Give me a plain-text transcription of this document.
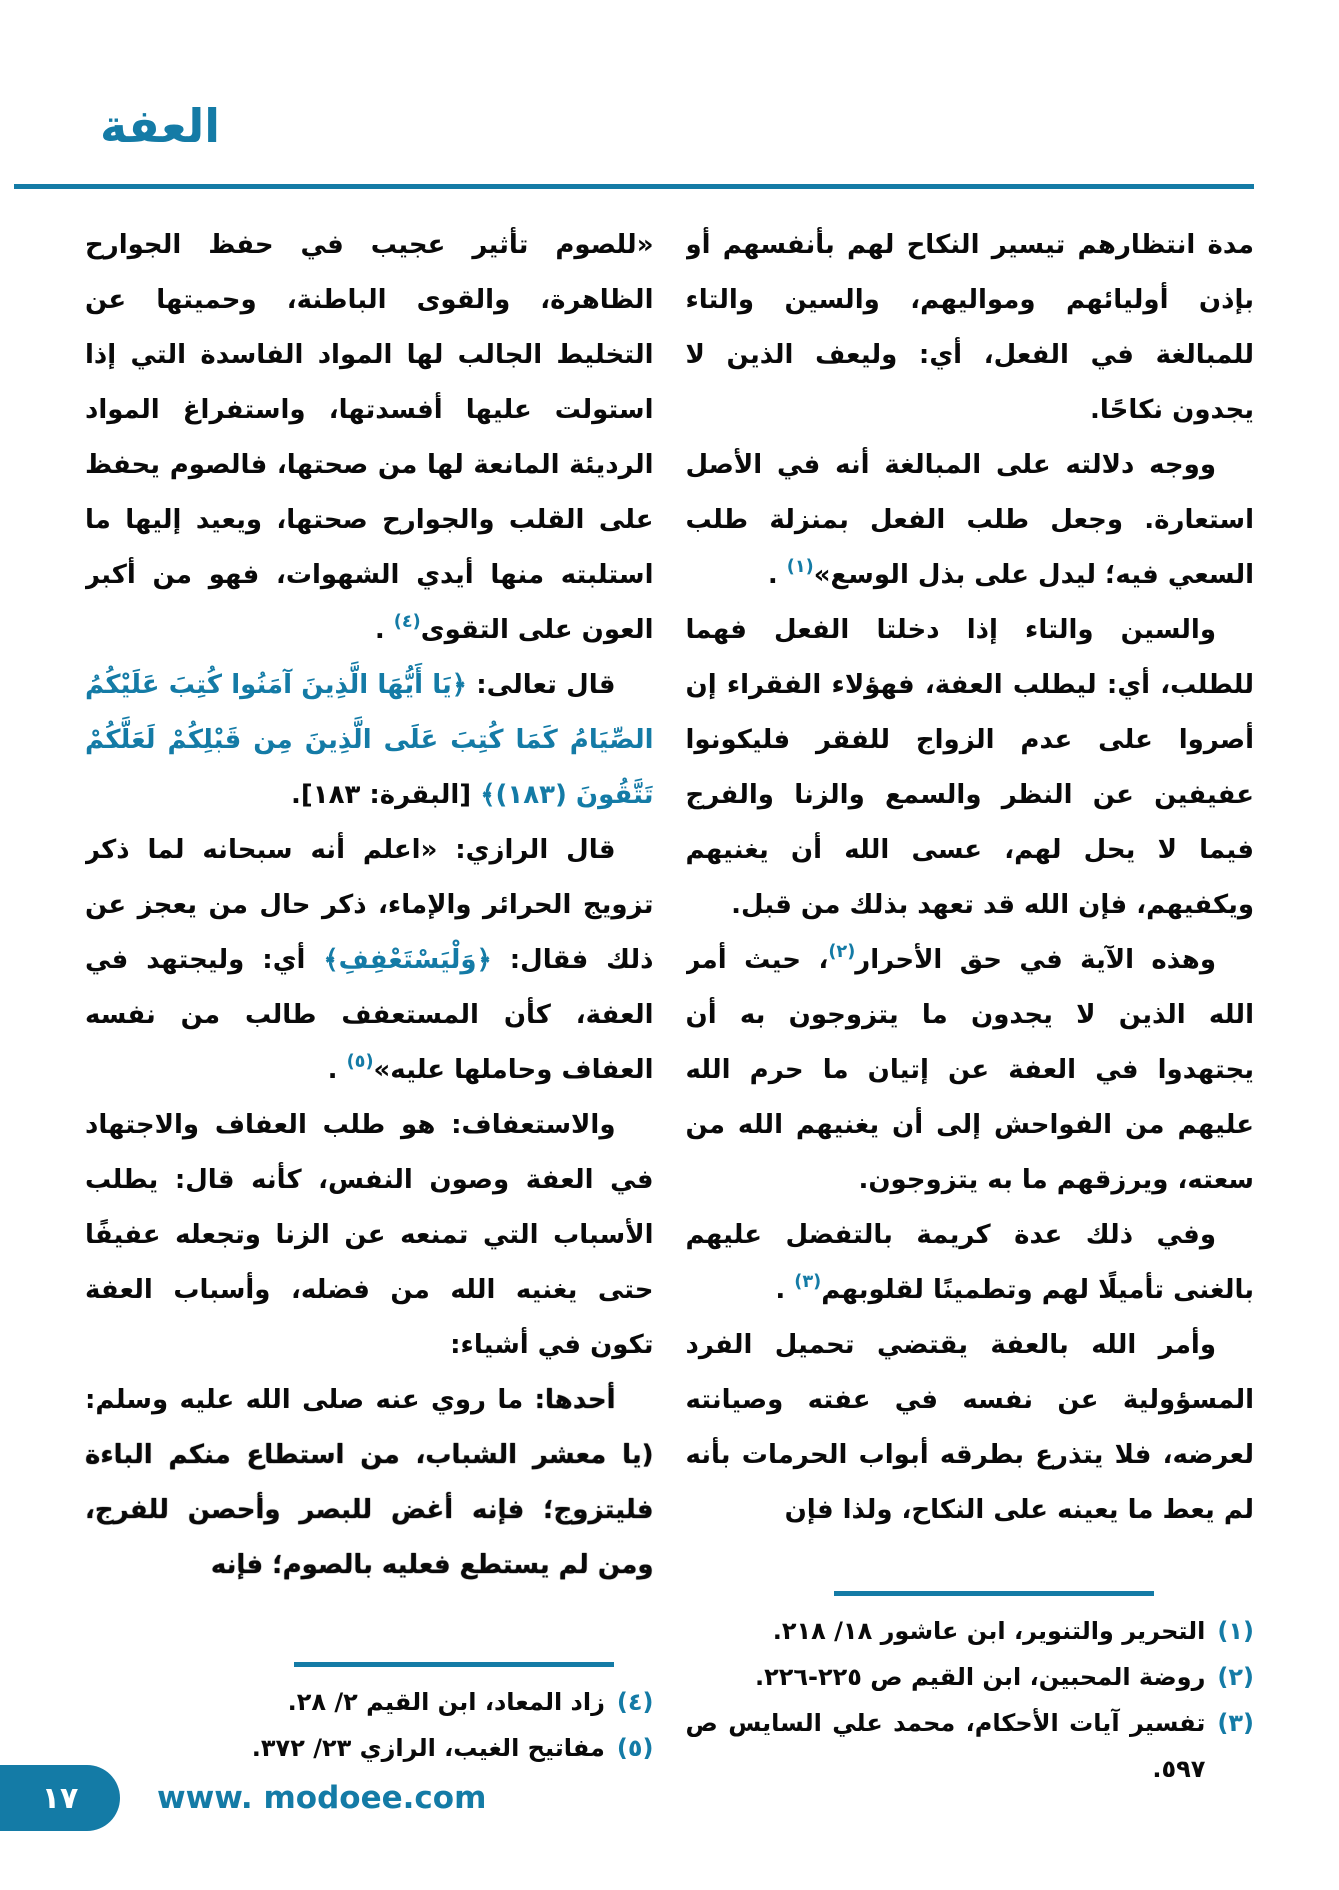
العفة

مدة انتظارهم تيسير النكاح لهم بأنفسهم أو بإذن أوليائهم ومواليهم، والسين والتاء للمبالغة في الفعل، أي: وليعف الذين لا يجدون نكاحًا.

ووجه دلالته على المبالغة أنه في الأصل استعارة. وجعل طلب الفعل بمنزلة طلب السعي فيه؛ ليدل على بذل الوسع»$^{(١)}$ .

والسين والتاء إذا دخلتا الفعل فهما للطلب، أي: ليطلب العفة، فهؤلاء الفقراء إن أصروا على عدم الزواج للفقر فليكونوا عفيفين عن النظر والسمع والزنا والفرج فيما لا يحل لهم، عسى الله أن يغنيهم ويكفيهم، فإن الله قد تعهد بذلك من قبل.

وهذه الآية في حق الأحرار$^{(٢)}$، حيث أمر الله الذين لا يجدون ما يتزوجون به أن يجتهدوا في العفة عن إتيان ما حرم الله عليهم من الفواحش إلى أن يغنيهم الله من سعته، ويرزقهم ما به يتزوجون.

وفي ذلك عدة كريمة بالتفضل عليهم بالغنى تأميلًا لهم وتطمينًا لقلوبهم$^{(٣)}$ .

وأمر الله بالعفة يقتضي تحميل الفرد المسؤولية عن نفسه في عفته وصيانته لعرضه، فلا يتذرع بطرقه أبواب الحرمات بأنه لم يعط ما يعينه على النكاح، ولذا فإن

(١)
التحرير والتنوير، ابن عاشور ١٨/ ٢١٨.
(٢)
روضة المحبين، ابن القيم ص ٢٢٥-٢٢٦.
(٣)
تفسير آيات الأحكام، محمد علي السايس ص ٥٩٧.

«للصوم تأثير عجيب في حفظ الجوارح الظاهرة، والقوى الباطنة، وحميتها عن التخليط الجالب لها المواد الفاسدة التي إذا استولت عليها أفسدتها، واستفراغ المواد الرديئة المانعة لها من صحتها، فالصوم يحفظ على القلب والجوارح صحتها، ويعيد إليها ما استلبته منها أيدي الشهوات، فهو من أكبر العون على التقوى$^{(٤)}$ .

قال تعالى: ﴿يَا أَيُّهَا الَّذِينَ آمَنُوا كُتِبَ عَلَيْكُمُ الصِّيَامُ كَمَا كُتِبَ عَلَى الَّذِينَ مِن قَبْلِكُمْ لَعَلَّكُمْ تَتَّقُونَ (١٨٣)﴾ [البقرة: ١٨٣].

قال الرازي: «اعلم أنه سبحانه لما ذكر تزويج الحرائر والإماء، ذكر حال من يعجز عن ذلك فقال: ﴿وَلْيَسْتَعْفِفِ﴾ أي: وليجتهد في العفة، كأن المستعفف طالب من نفسه العفاف وحاملها عليه»$^{(٥)}$ .

والاستعفاف: هو طلب العفاف والاجتهاد في العفة وصون النفس، كأنه قال: يطلب الأسباب التي تمنعه عن الزنا وتجعله عفيفًا حتى يغنيه الله من فضله، وأسباب العفة تكون في أشياء:

أحدها: ما روي عنه صلى الله عليه وسلم: (يا معشر الشباب، من استطاع منكم الباءة فليتزوج؛ فإنه أغض للبصر وأحصن للفرج، ومن لم يستطع فعليه بالصوم؛ فإنه

(٤)
زاد المعاد، ابن القيم ٢/ ٢٨.
(٥)
مفاتيح الغيب، الرازي ٢٣/ ٣٧٢.
١٧	www. modoee.com
